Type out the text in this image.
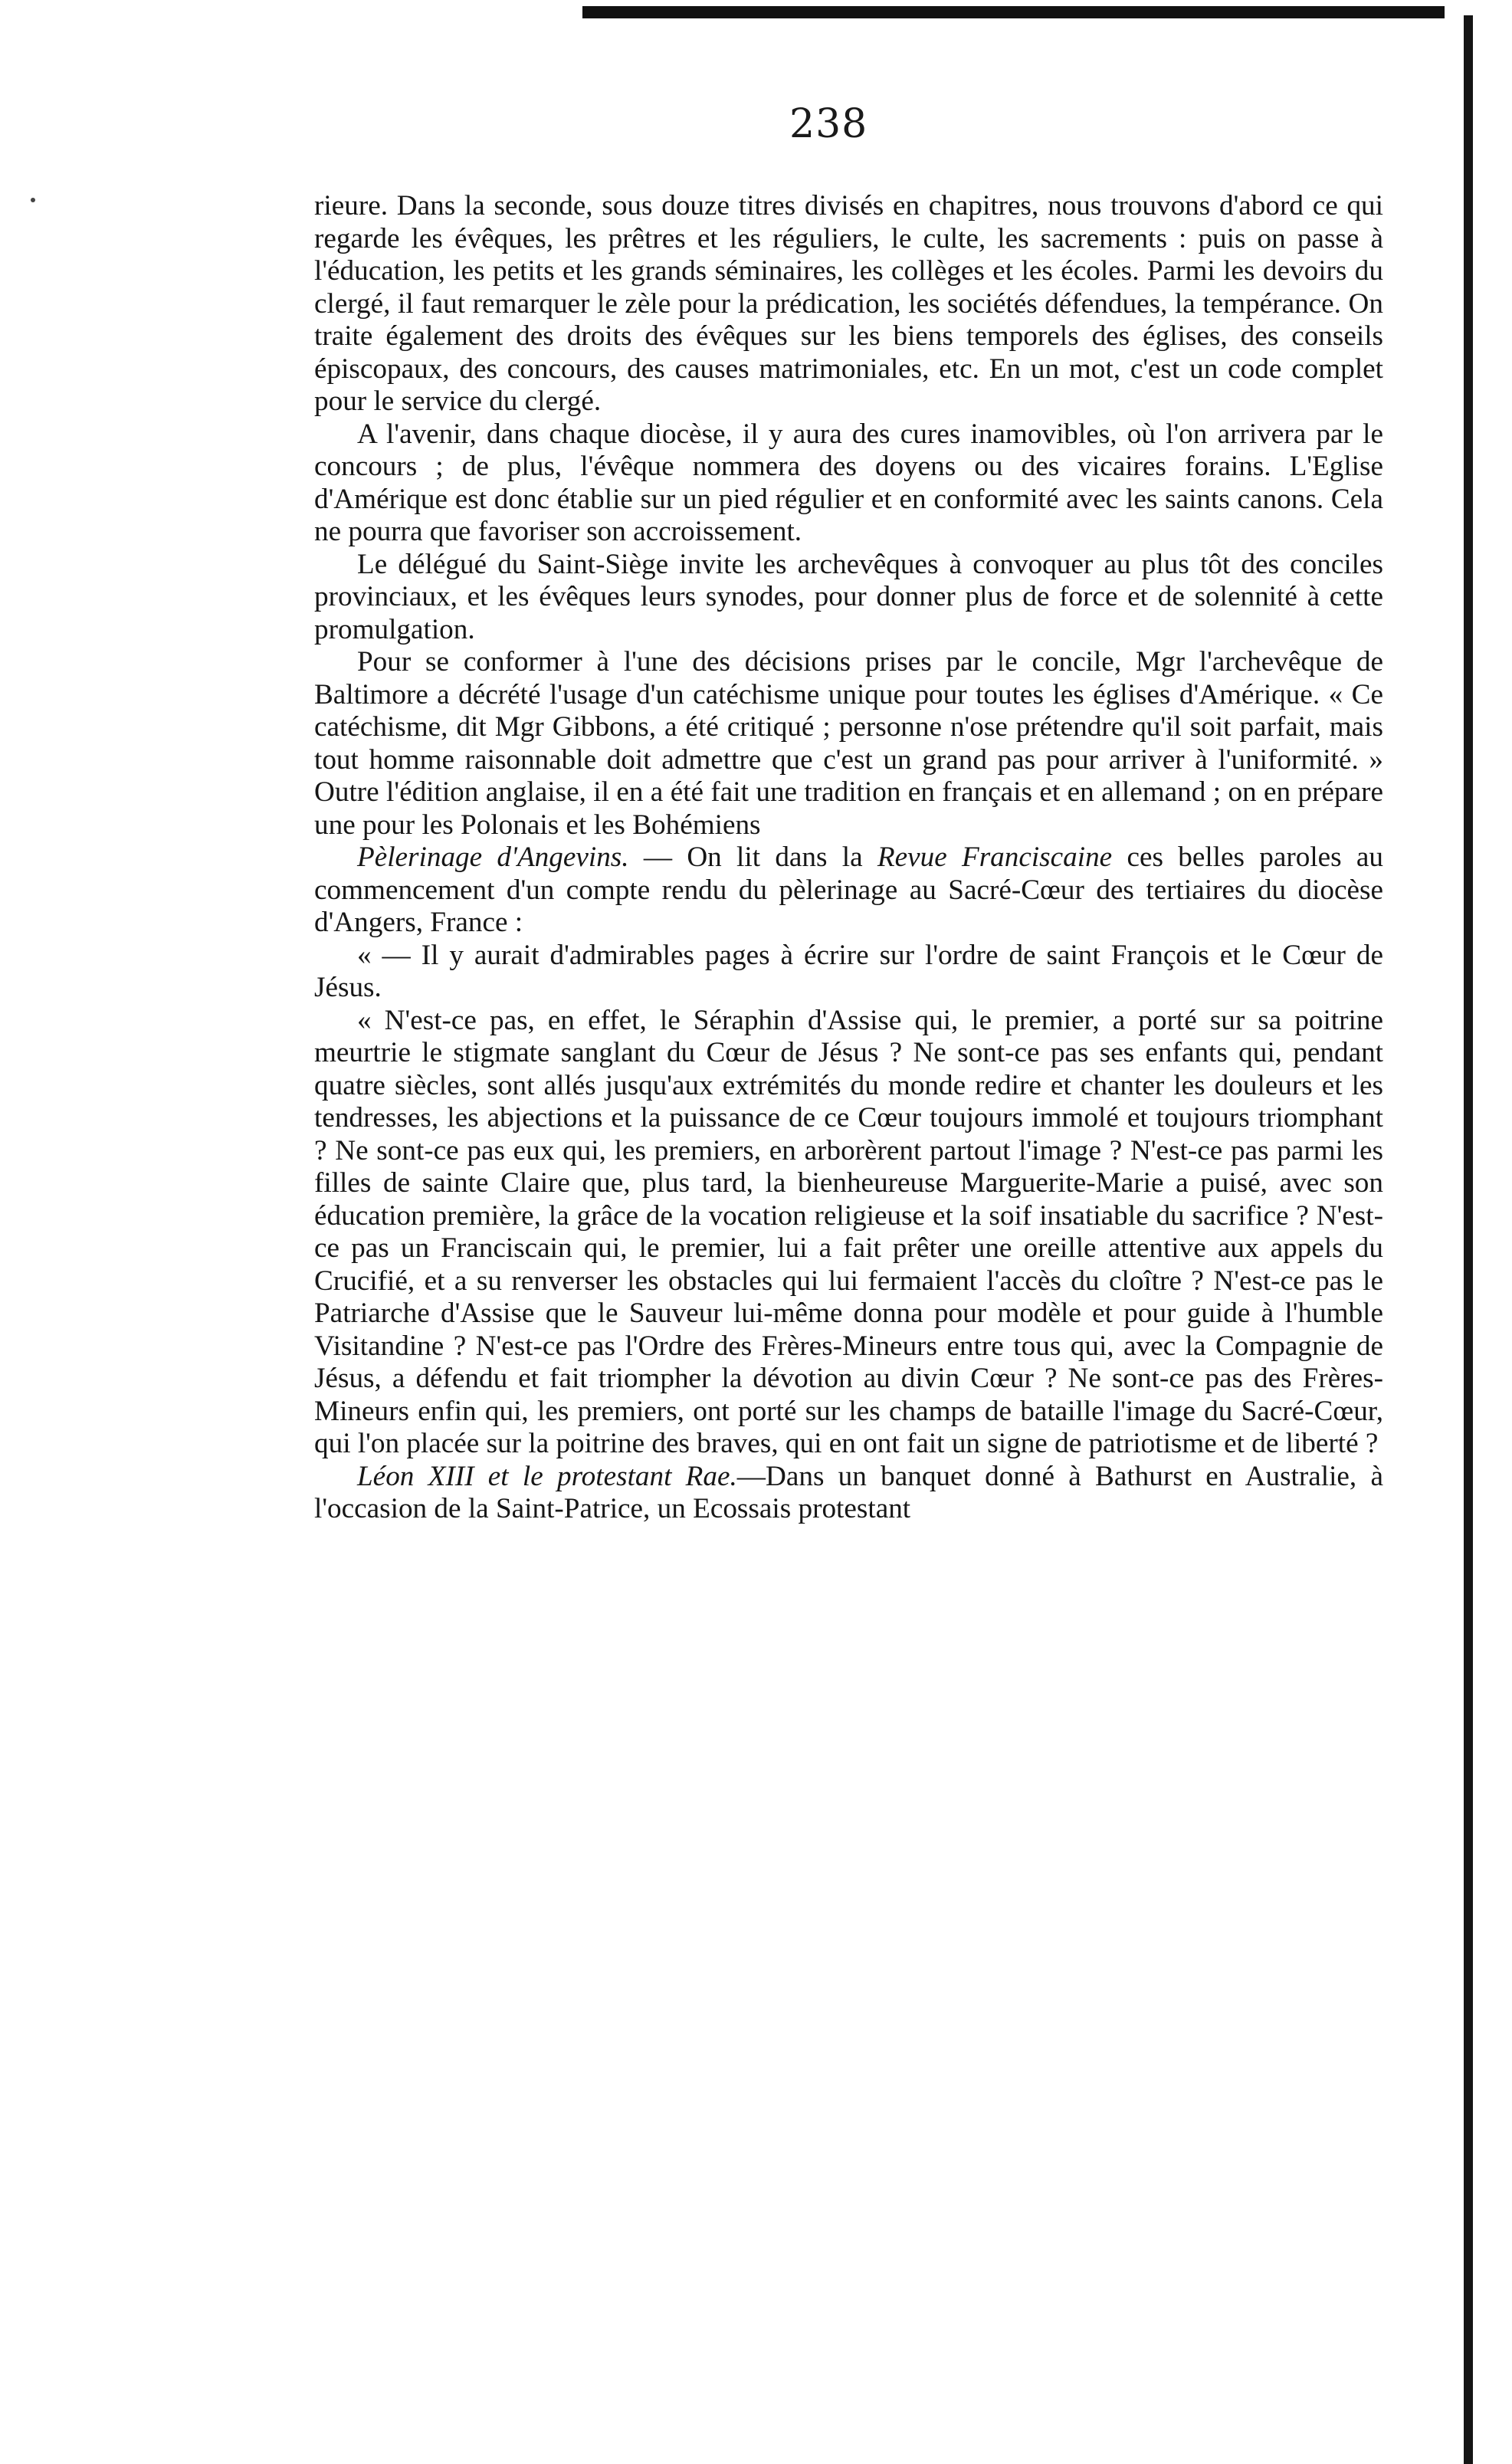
238

rieure. Dans la seconde, sous douze titres divisés en chapitres, nous trouvons d'abord ce qui regarde les évêques, les prêtres et les réguliers, le culte, les sacrements : puis on passe à l'éducation, les petits et les grands séminaires, les collèges et les écoles. Parmi les devoirs du clergé, il faut remarquer le zèle pour la prédication, les sociétés défendues, la tempérance. On traite également des droits des évêques sur les biens temporels des églises, des conseils épiscopaux, des concours, des causes matrimoniales, etc. En un mot, c'est un code complet pour le service du clergé.

A l'avenir, dans chaque diocèse, il y aura des cures inamovibles, où l'on arrivera par le concours ; de plus, l'évêque nommera des doyens ou des vicaires forains. L'Eglise d'Amérique est donc établie sur un pied régulier et en conformité avec les saints canons. Cela ne pourra que favoriser son accroissement.

Le délégué du Saint-Siège invite les archevêques à convoquer au plus tôt des conciles provinciaux, et les évêques leurs synodes, pour donner plus de force et de solennité à cette promulgation.

Pour se conformer à l'une des décisions prises par le concile, Mgr l'archevêque de Baltimore a décrété l'usage d'un catéchisme unique pour toutes les églises d'Amérique. « Ce catéchisme, dit Mgr Gibbons, a été critiqué ; personne n'ose prétendre qu'il soit parfait, mais tout homme raisonnable doit admettre que c'est un grand pas pour arriver à l'uniformité. » Outre l'édition anglaise, il en a été fait une tradition en français et en allemand ; on en prépare une pour les Polonais et les Bohémiens

Pèlerinage d'Angevins. — On lit dans la Revue Franciscaine ces belles paroles au commencement d'un compte rendu du pèlerinage au Sacré-Cœur des tertiaires du diocèse d'Angers, France :

« — Il y aurait d'admirables pages à écrire sur l'ordre de saint François et le Cœur de Jésus.

« N'est-ce pas, en effet, le Séraphin d'Assise qui, le premier, a porté sur sa poitrine meurtrie le stigmate sanglant du Cœur de Jésus ? Ne sont-ce pas ses enfants qui, pendant quatre siècles, sont allés jusqu'aux extrémités du monde redire et chanter les douleurs et les tendresses, les abjections et la puissance de ce Cœur toujours immolé et toujours triomphant ? Ne sont-ce pas eux qui, les premiers, en arborèrent partout l'image ? N'est-ce pas parmi les filles de sainte Claire que, plus tard, la bienheureuse Marguerite-Marie a puisé, avec son éducation première, la grâce de la vocation religieuse et la soif insatiable du sacrifice ? N'est-ce pas un Franciscain qui, le premier, lui a fait prêter une oreille attentive aux appels du Crucifié, et a su renverser les obstacles qui lui fermaient l'accès du cloître ? N'est-ce pas le Patriarche d'Assise que le Sauveur lui-même donna pour modèle et pour guide à l'humble Visitandine ? N'est-ce pas l'Ordre des Frères-Mineurs entre tous qui, avec la Compagnie de Jésus, a défendu et fait triompher la dévotion au divin Cœur ? Ne sont-ce pas des Frères-Mineurs enfin qui, les premiers, ont porté sur les champs de bataille l'image du Sacré-Cœur, qui l'on placée sur la poitrine des braves, qui en ont fait un signe de patriotisme et de liberté ?

Léon XIII et le protestant Rae.—Dans un banquet donné à Bathurst en Australie, à l'occasion de la Saint-Patrice, un Ecossais protestant
